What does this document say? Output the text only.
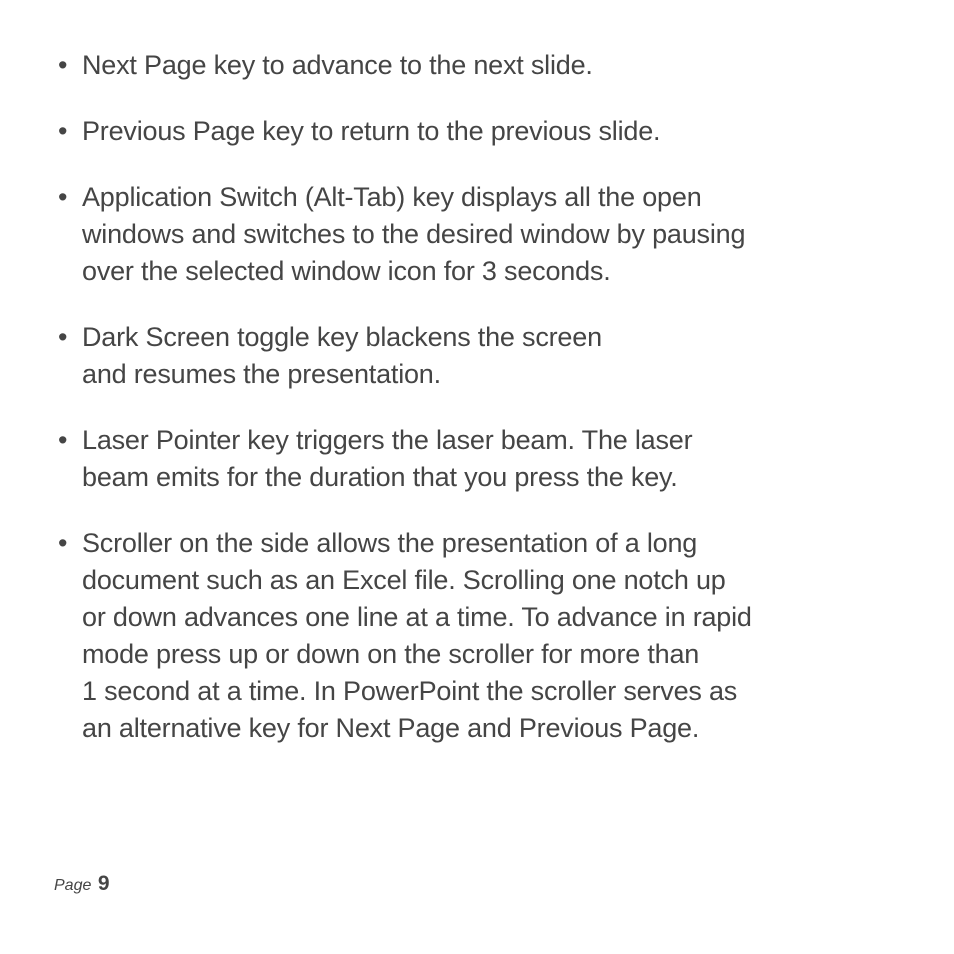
• Next Page key to advance to the next slide.
• Previous Page key to return to the previous slide.
• Application Switch (Alt-Tab) key displays all the open
windows and switches to the desired window by pausing
over the selected window icon for 3 seconds.
• Dark Screen toggle key blackens the screen
and resumes the presentation.
• Laser Pointer key triggers the laser beam. The laser
beam emits for the duration that you press the key.
• Scroller on the side allows the presentation of a long
document such as an Excel file. Scrolling one notch up
or down advances one line at a time. To advance in rapid
mode press up or down on the scroller for more than
1 second at a time. In PowerPoint the scroller serves as
an alternative key for Next Page and Previous Page.
Page 9
